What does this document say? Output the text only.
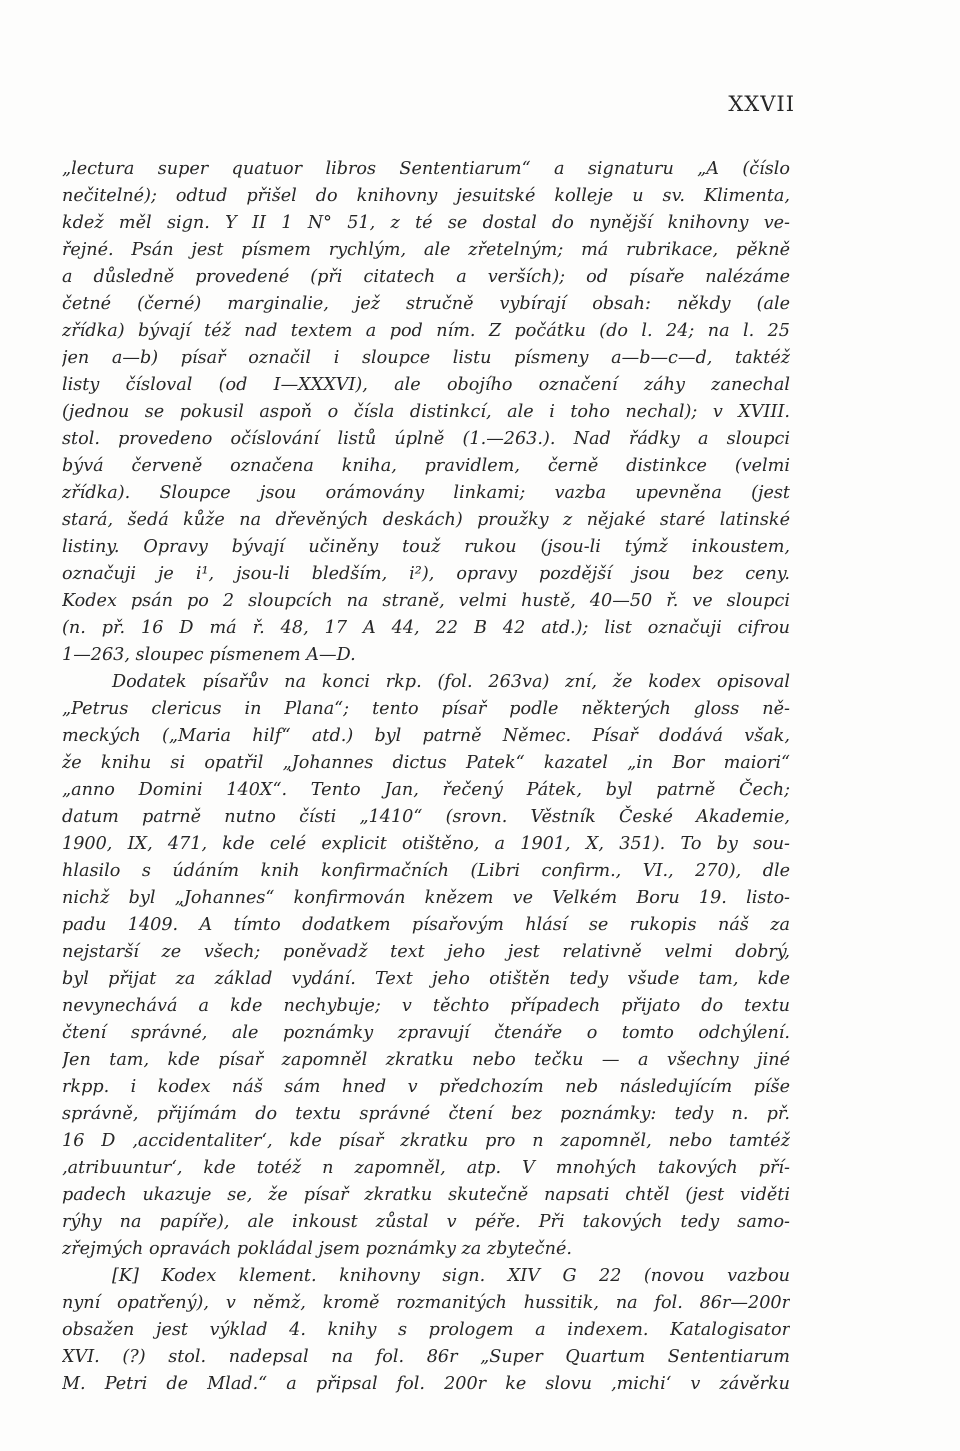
XXVII
„lectura super quatuor libros Sententiarum“ a signaturu „A (číslo
nečitelné); odtud přišel do knihovny jesuitské kolleje u sv. Klimenta,
kdež měl sign. Y II 1 N° 51, z té se dostal do nynější knihovny ve-
řejné. Psán jest písmem rychlým, ale zřetelným; má rubrikace, pěkně
a důsledně provedené (při citatech a verších); od písaře nalézáme
četné (černé) marginalie, jež stručně vybírají obsah: někdy (ale
zřídka) bývají též nad textem a pod ním. Z počátku (do l. 24; na l. 25
jen a—b) písař označil i sloupce listu písmeny a—b—c—d, taktéž
listy čísloval (od I—XXXVI), ale obojího označení záhy zanechal
(jednou se pokusil aspoň o čísla distinkcí, ale i toho nechal); v XVIII.
stol. provedeno očíslování listů úplně (1.—263.). Nad řádky a sloupci
bývá červeně označena kniha, pravidlem, černě distinkce (velmi
zřídka). Sloupce jsou orámovány linkami; vazba upevněna (jest
stará, šedá kůže na dřevěných deskách) proužky z nějaké staré latinské
listiny. Opravy bývají učiněny touž rukou (jsou-li týmž inkoustem,
označuji je i¹, jsou-li bledším, i²), opravy pozdější jsou bez ceny.
Kodex psán po 2 sloupcích na straně, velmi hustě, 40—50 ř. ve sloupci
(n. př. 16 D má ř. 48, 17 A 44, 22 B 42 atd.); list označuji cifrou
1—263, sloupec písmenem A—D.
Dodatek písařův na konci rkp. (fol. 263va) zní, že kodex opisoval
„Petrus clericus in Plana“; tento písař podle některých gloss ně-
meckých („Maria hilf“ atd.) byl patrně Němec. Písař dodává však,
že knihu si opatřil „Johannes dictus Patek“ kazatel „in Bor maiori“
„anno Domini 140X“. Tento Jan, řečený Pátek, byl patrně Čech;
datum patrně nutno čísti „1410“ (srovn. Věstník České Akademie,
1900, IX, 471, kde celé explicit otištěno, a 1901, X, 351). To by sou-
hlasilo s údáním knih konfirmačních (Libri confirm., VI., 270), dle
nichž byl „Johannes“ konfirmován knězem ve Velkém Boru 19. listo-
padu 1409. A tímto dodatkem písařovým hlásí se rukopis náš za
nejstarší ze všech; poněvadž text jeho jest relativně velmi dobrý,
byl přijat za základ vydání. Text jeho otištěn tedy všude tam, kde
nevynechává a kde nechybuje; v těchto případech přijato do textu
čtení správné, ale poznámky zpravují čtenáře o tomto odchýlení.
Jen tam, kde písař zapomněl zkratku nebo tečku — a všechny jiné
rkpp. i kodex náš sám hned v předchozím neb následujícím píše
správně, přijímám do textu správné čtení bez poznámky: tedy n. př.
16 D ‚accidentaliter‘, kde písař zkratku pro n zapomněl, nebo tamtéž
‚atribuuntur‘, kde totéž n zapomněl, atp. V mnohých takových pří-
padech ukazuje se, že písař zkratku skutečně napsati chtěl (jest viděti
rýhy na papíře), ale inkoust zůstal v péře. Při takových tedy samo-
zřejmých opravách pokládal jsem poznámky za zbytečné.
[K] Kodex klement. knihovny sign. XIV G 22 (novou vazbou
nyní opatřený), v němž, kromě rozmanitých hussitik, na fol. 86r—200r
obsažen jest výklad 4. knihy s prologem a indexem. Katalogisator
XVI. (?) stol. nadepsal na fol. 86r „Super Quartum Sententiarum
M. Petri de Mlad.“ a připsal fol. 200r ke slovu ‚michi‘ v závěrku
